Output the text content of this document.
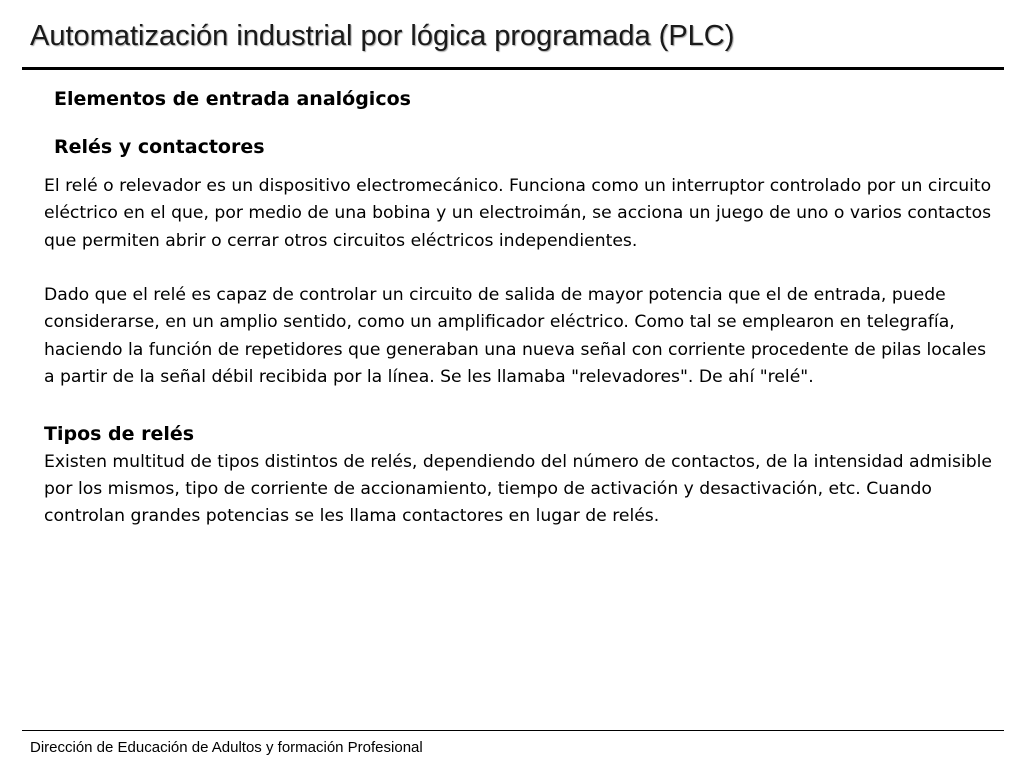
Automatización industrial por lógica programada (PLC)
Elementos de entrada analógicos
Relés y contactores

El relé o relevador es un dispositivo electromecánico. Funciona como un interruptor controlado por un circuito eléctrico en el que, por medio de una bobina y un electroimán, se acciona un juego de uno o varios contactos que permiten abrir o cerrar otros circuitos eléctricos independientes.

Dado que el relé es capaz de controlar un circuito de salida de mayor potencia que el de entrada, puede considerarse, en un amplio sentido, como un amplificador eléctrico. Como tal se emplearon en telegrafía, haciendo la función de repetidores que generaban una nueva señal con corriente procedente de pilas locales a partir de la señal débil recibida por la línea. Se les llamaba "relevadores". De ahí "relé".

Tipos de relés

Existen multitud de tipos distintos de relés, dependiendo del número de contactos, de la intensidad admisible por los mismos, tipo de corriente de accionamiento, tiempo de activación y desactivación, etc. Cuando controlan grandes potencias se les llama contactores en lugar de relés.

Dirección de Educación de Adultos y formación Profesional
